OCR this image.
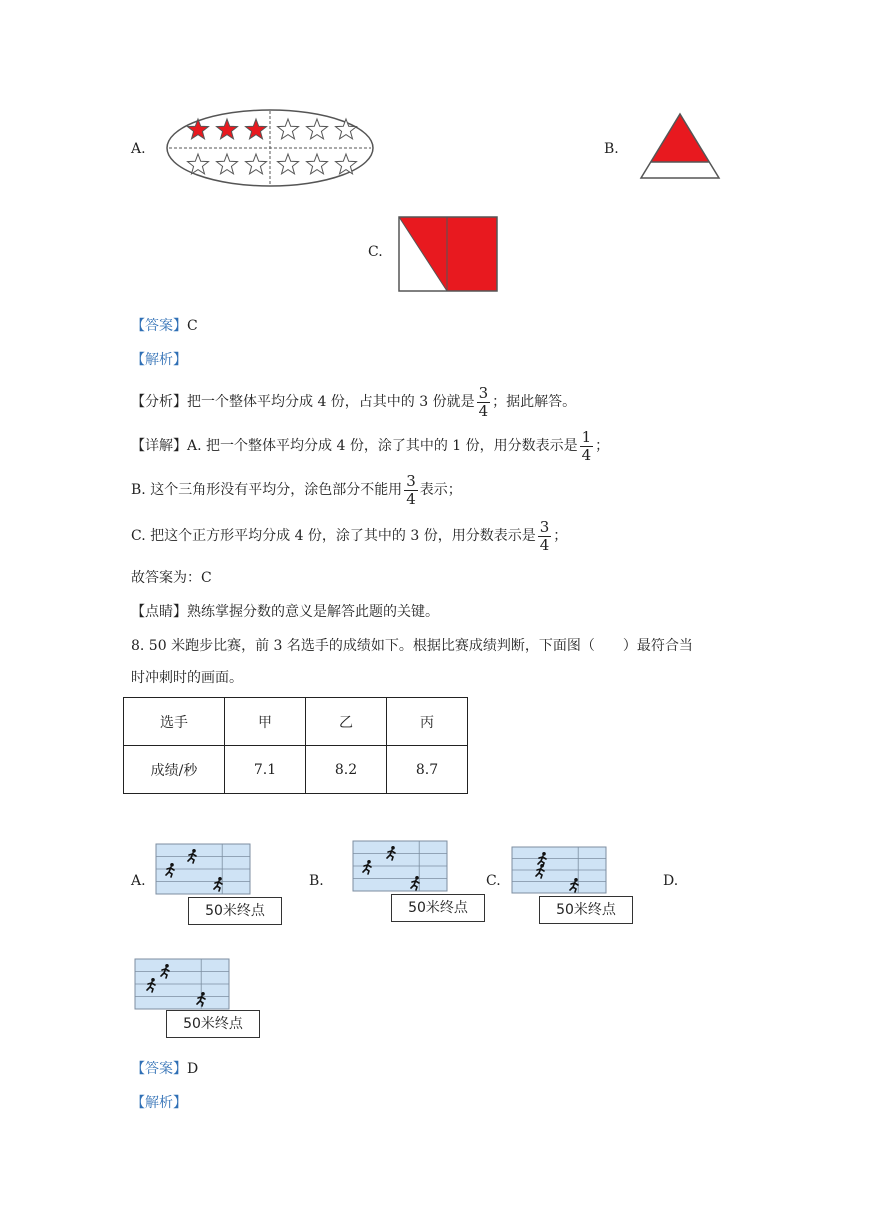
A.	B.
C.
【答案】C
【解析】
【分析】把一个整体平均分成 4 份，占其中的 3 份就是 $\frac{3}{4}$ ；据此解答。
【详解】A. 把一个整体平均分成 4 份，涂了其中的 1 份，用分数表示是 $\frac{1}{4}$ ；
B. 这个三角形没有平均分，涂色部分不能用 $\frac{3}{4}$ 表示；
C. 把这个正方形平均分成 4 份，涂了其中的 3 份，用分数表示是 $\frac{3}{4}$ ；
故答案为：C
【点睛】熟练掌握分数的意义是解答此题的关键。
8. 50 米跑步比赛，前 3 名选手的成绩如下。根据比赛成绩判断，下面图（　　）最符合当
时冲刺时的画面。
选手	甲	乙	丙
成绩/秒	7.1	8.2	8.7
A.	B.	C.	D.
50米终点	50米终点	50米终点
50米终点
【答案】D
【解析】
